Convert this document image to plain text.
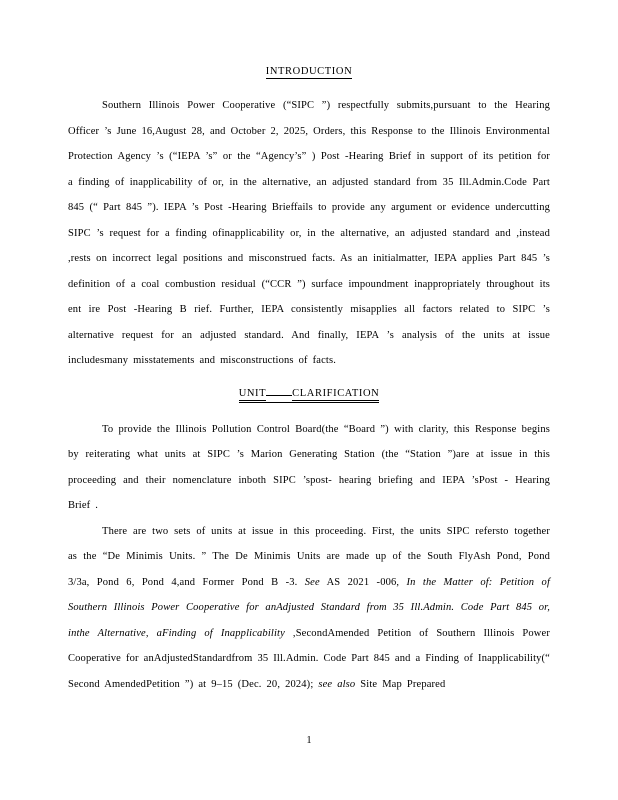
INTRODUCTION

Southern Illinois Power Cooperative (“SIPC ”) respectfully submits,pursuant to the Hearing Officer ’s June 16,August 28, and October 2, 2025, Orders, this Response to the Illinois Environmental Protection Agency ’s (“IEPA ’s” or the “Agency’s” ) Post -Hearing Brief in support of its petition for a finding of inapplicability of or, in the alternative, an adjusted standard from 35 Ill.Admin.Code Part 845 (“ Part 845 ”). IEPA ’s Post -Hearing Brieffails to provide any argument or evidence undercutting SIPC ’s request for a finding ofinapplicability or, in the alternative, an adjusted standard and ,instead ,rests on incorrect legal positions and misconstrued facts. As an initialmatter, IEPA applies Part 845 ’s definition of a coal combustion residual (“CCR ”) surface impoundment inappropriately throughout its ent ire Post -Hearing B rief. Further, IEPA consistently misapplies all factors related to SIPC ’s alternative request for an adjusted standard. And finally, IEPA ’s analysis of the units at issue includesmany misstatements and misconstructions of facts.

UNIT CLARIFICATION

To provide the Illinois Pollution Control Board(the “Board ”) with clarity, this Response begins by reiterating what units at SIPC ’s Marion Generating Station (the “Station ”)are at issue in this proceeding and their nomenclature inboth SIPC ’spost- hearing briefing and IEPA ’sPost - Hearing Brief .

There are two sets of units at issue in this proceeding. First, the units SIPC refersto together as the “De Minimis Units. ” The De Minimis Units are made up of the South FlyAsh Pond, Pond 3/3a, Pond 6, Pond 4,and Former Pond B -3. See AS 2021 -006, In the Matter of: Petition of Southern Illinois Power Cooperative for anAdjusted Standard from 35 Ill.Admin. Code Part 845 or, inthe Alternative, aFinding of Inapplicability ,SecondAmended Petition of Southern Illinois Power Cooperative for anAdjustedStandardfrom 35 Ill.Admin. Code Part 845 and a Finding of Inapplicability(“ Second AmendedPetition ”) at 9–15 (Dec. 20, 2024); see also Site Map Prepared

1
